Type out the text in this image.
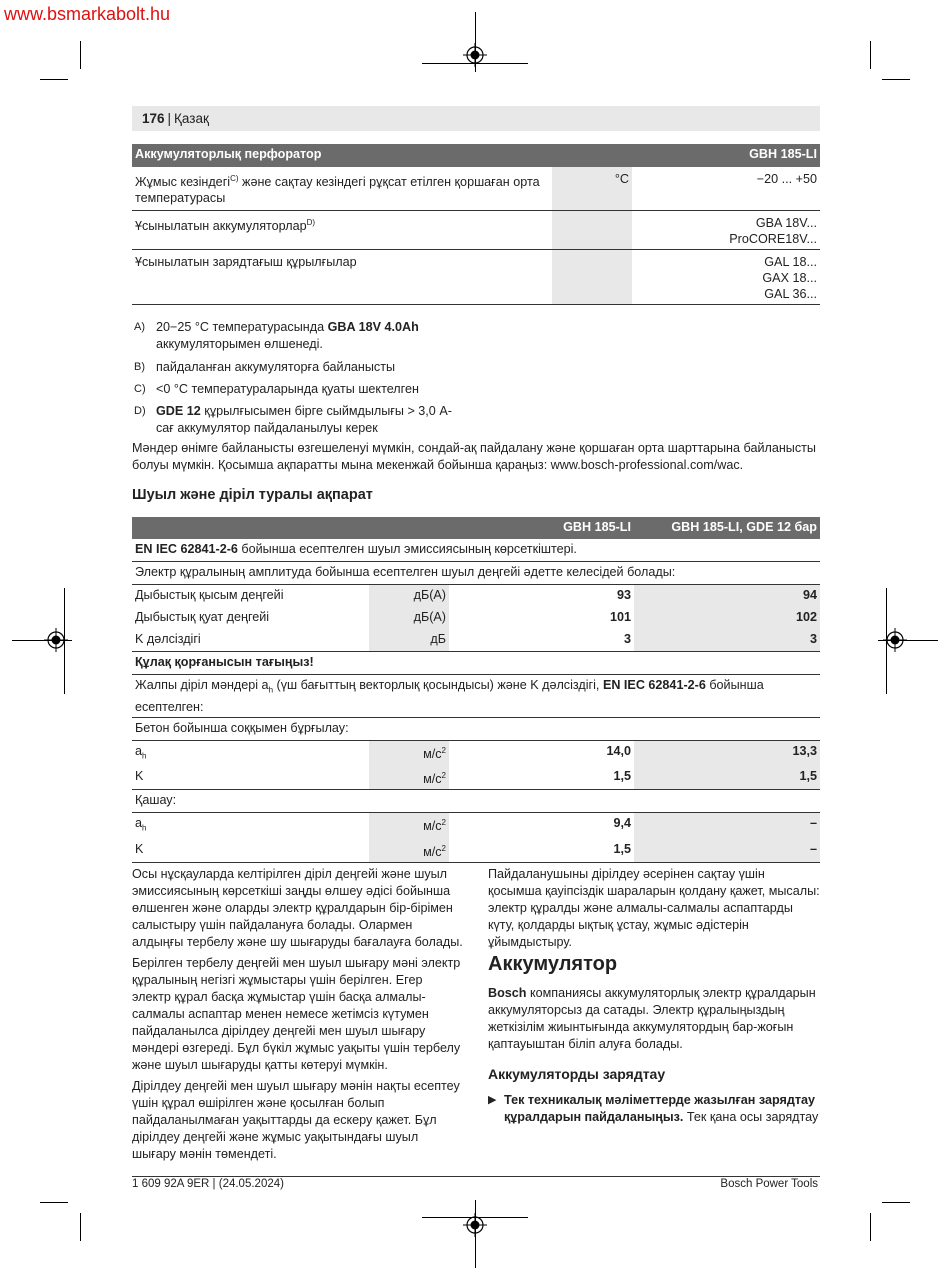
www.bsmarkabolt.hu
176 | Қазақ
Аккумуляторлық перфоратор		GBH 185-LI
Жұмыс кезіндегі$^{C)}$ және сақтау кезіндегі рұқсат етілген қоршаған орта температурасы	°C	−20 ... +50
Ұсынылатын аккумуляторлар$^{D)}$		GBA 18V...
ProCORE18V...

Ұсынылатын зарядтағыш құрылғылар		GAL 18...
GAX 18...
GAL 36...
A) 20−25 °C температурасында GBA 18V 4.0Ah аккумуляторымен өлшенеді.
B) пайдаланған аккумуляторға байланысты
C) <0 °C температураларында қуаты шектелген
D) GDE 12 құрылғысымен бірге сыймдылығы > 3,0 А-сағ аккумулятор пайдаланылуы керек
Мәндер өнімге байланысты өзгешеленуі мүмкін, сондай-ақ пайдалану және қоршаған орта шарттарына байланысты болуы мүмкін. Қосымша ақпаратты мына мекенжай бойынша қараңыз: www.bosch-professional.com/wac.
Шуыл және діріл туралы ақпарат
		GBH 185-LI	GBH 185-LI, GDE 12 бар
EN IEC 62841-2-6 бойынша есептелген шуыл эмиссиясының көрсеткіштері.			
Электр құралының амплитуда бойынша есептелген шуыл деңгейі әдетте келесідей болады:			
Дыбыстық қысым деңгейі	дБ(A)	93	94
Дыбыстық қуат деңгейі	дБ(A)	101	102
K дәлсіздігі	дБ	3	3
Құлақ қорғанысын тағыңыз!			
Жалпы діріл мәндері $a_h$ (үш бағыттың векторлық қосындысы) және K дәлсіздігі, EN IEC 62841-2-6 бойынша есептелген:			
Бетон бойынша соққымен бұрғылау:			
$a_h$	$м/с^2$	14,0	13,3
K	$м/с^2$	1,5	1,5
Қашау:			
$a_h$	$м/с^2$	9,4	–
K	$м/с^2$	1,5	–

Осы нұсқауларда келтірілген діріл деңгейі және шуыл эмиссиясының көрсеткіші заңды өлшеу әдісі бойынша өлшенген және оларды электр құралдарын бір-бірімен салыстыру үшін пайдалануға болады. Олармен алдыңғы тербелу және шу шығаруды бағалауға болады.

Берілген тербелу деңгейі мен шуыл шығару мәні электр құралының негізгі жұмыстары үшін берілген. Егер электр құрал басқа жұмыстар үшін басқа алмалы-салмалы аспаптар менен немесе жетімсіз күтумен пайдаланылса дірілдеу деңгейі мен шуыл шығару мәндері өзгереді. Бұл бүкіл жұмыс уақыты үшін тербелу және шуыл шығаруды қатты көтеруі мүмкін.

Дірілдеу деңгейі мен шуыл шығару мәнін нақты есептеу үшін құрал өшірілген және қосылған болып пайдаланылмаған уақыттарды да ескеру қажет. Бұл дірілдеу деңгейі және жұмыс уақытындағы шуыл шығару мәнін төмендеті.

Пайдаланушыны дірілдеу әсерінен сақтау үшін қосымша қауіпсіздік шараларын қолдану қажет, мысалы: электр құралды және алмалы-салмалы аспаптарды күту, қолдарды ықтық ұстау, жұмыс әдістерін ұйымдыстыру.
Аккумулятор
Bosch компаниясы аккумуляторлық электр құралдарын аккумуляторсыз да сатады. Электр құралыңыздың жеткізілім жиынтығында аккумулятордың бар-жоғын қаптауыштан біліп алуға болады.
Аккумуляторды зарядтау
▶ Тек техникалық мәліметтерде жазылған зарядтау құралдарын пайдаланыңыз. Тек қана осы зарядтау
1 609 92A 9ER | (24.05.2024)	Bosch Power Tools
